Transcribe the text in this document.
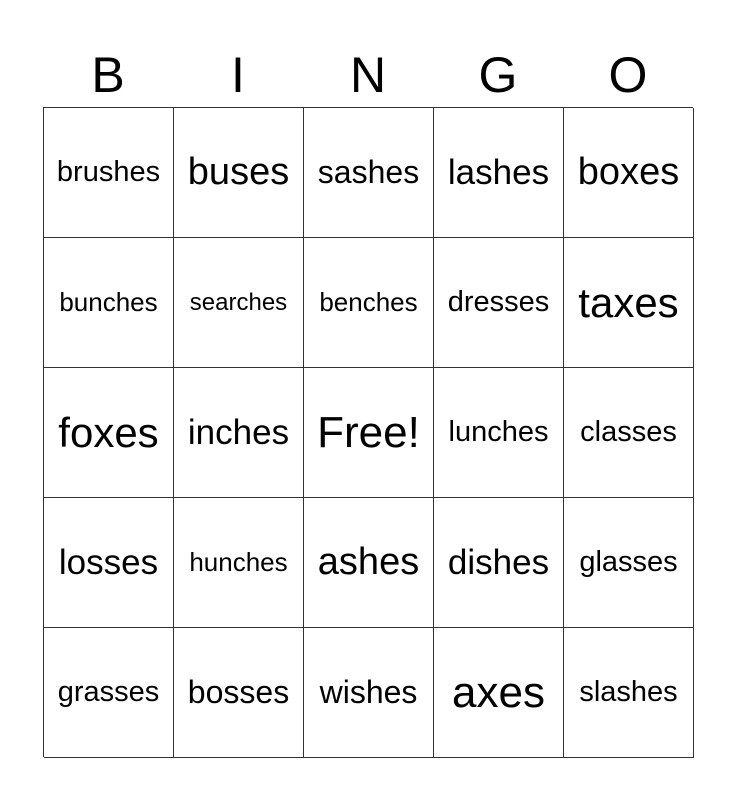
B	I	N	G	O
brushes buses sashes lashes boxes
bunches	searches	benches	dresses taxes
foxes inches Free! lunches	classes
losses	hunches ashes dishes	glasses
grasses bosses wishes axes	slashes
